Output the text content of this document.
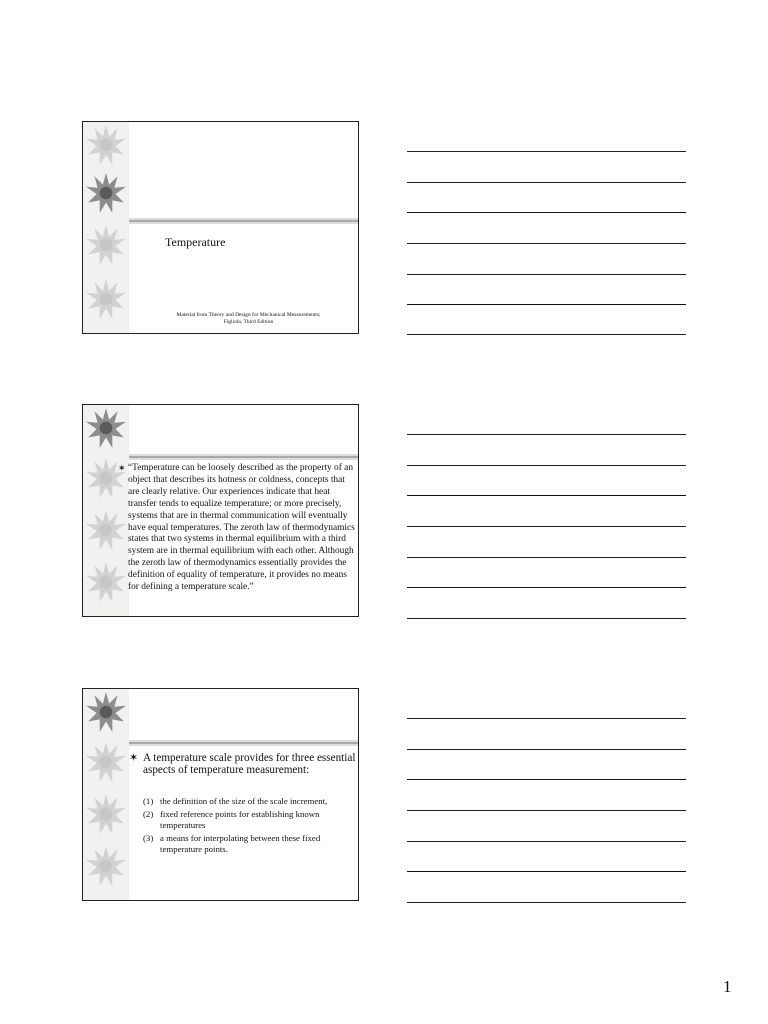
Temperature
Material from Theory and Design for Mechanical Measurements;
Figliola, Third Edition
✶ “Temperature can be loosely described as the property of an object that describes its hotness or coldness, concepts that are clearly relative. Our experiences indicate that heat transfer tends to equalize temperature; or more precisely, systems that are in thermal communication will eventually have equal temperatures. The zeroth law of thermodynamics states that two systems in thermal equilibrium with a third system are in thermal equilibrium with each other. Although the zeroth law of thermodynamics essentially provides the definition of equality of temperature, it provides no means for defining a temperature scale.”
✶ A temperature scale provides for three essential aspects of temperature measurement:
(1) the definition of the size of the scale increment,
(2) fixed reference points for establishing known temperatures
(3) a means for interpolating between these fixed temperature points.
1
